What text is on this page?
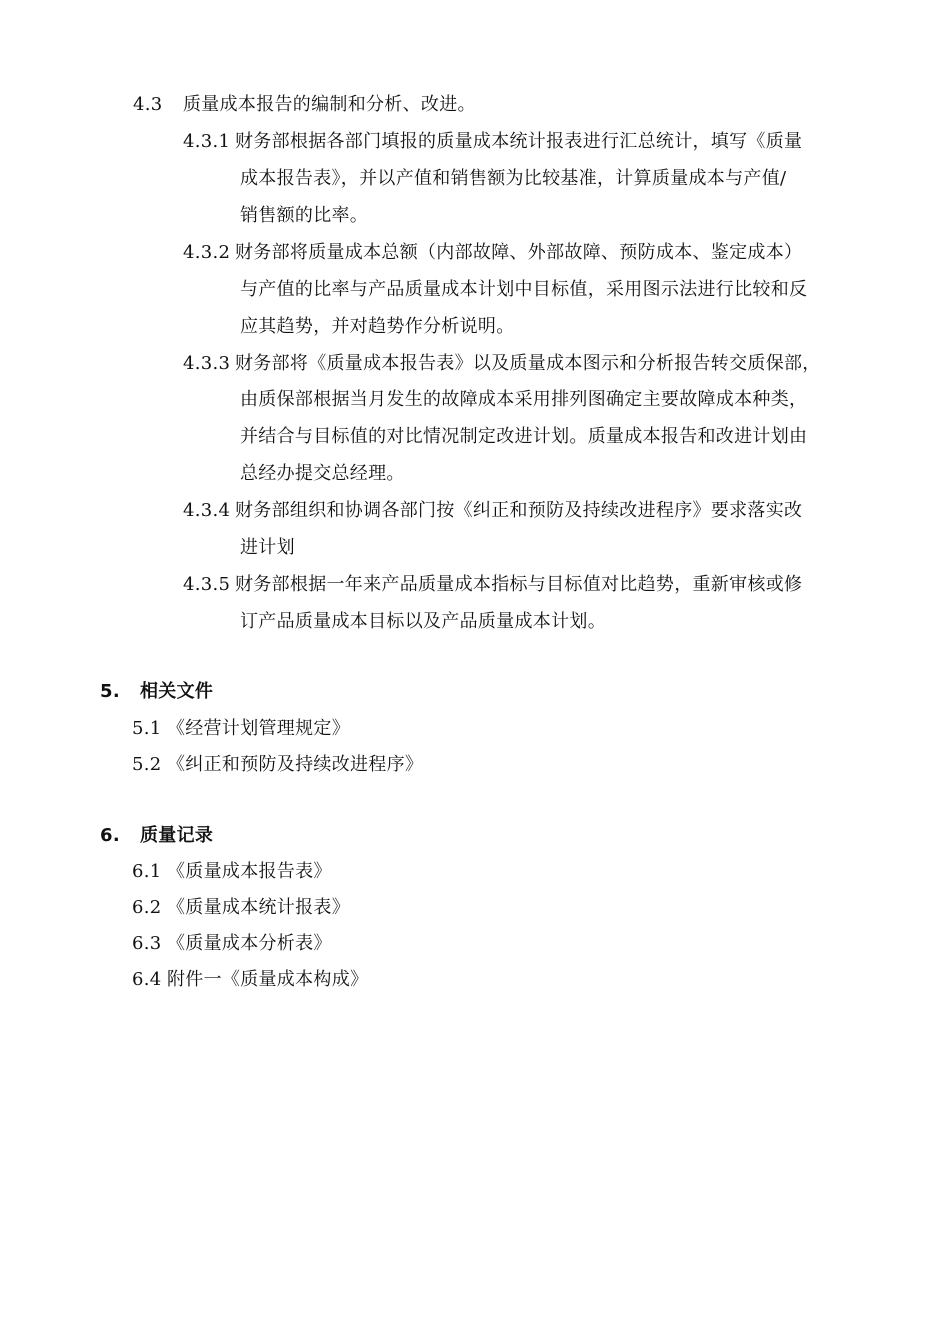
4.3 质量成本报告的编制和分析、改进。
4.3.1 财务部根据各部门填报的质量成本统计报表进行汇总统计，填写《质量
成本报告表》，并以产值和销售额为比较基准，计算质量成本与产值/
销售额的比率。
4.3.2 财务部将质量成本总额（内部故障、外部故障、预防成本、鉴定成本）
与产值的比率与产品质量成本计划中目标值，采用图示法进行比较和反
应其趋势，并对趋势作分析说明。
4.3.3 财务部将《质量成本报告表》以及质量成本图示和分析报告转交质保部，
由质保部根据当月发生的故障成本采用排列图确定主要故障成本种类，
并结合与目标值的对比情况制定改进计划。质量成本报告和改进计划由
总经办提交总经理。
4.3.4 财务部组织和协调各部门按《纠正和预防及持续改进程序》要求落实改
进计划
4.3.5 财务部根据一年来产品质量成本指标与目标值对比趋势，重新审核或修
订产品质量成本目标以及产品质量成本计划。
5. 相关文件
5.1 《经营计划管理规定》
5.2 《纠正和预防及持续改进程序》
6. 质量记录
6.1 《质量成本报告表》
6.2 《质量成本统计报表》
6.3 《质量成本分析表》
6.4 附件一《质量成本构成》
